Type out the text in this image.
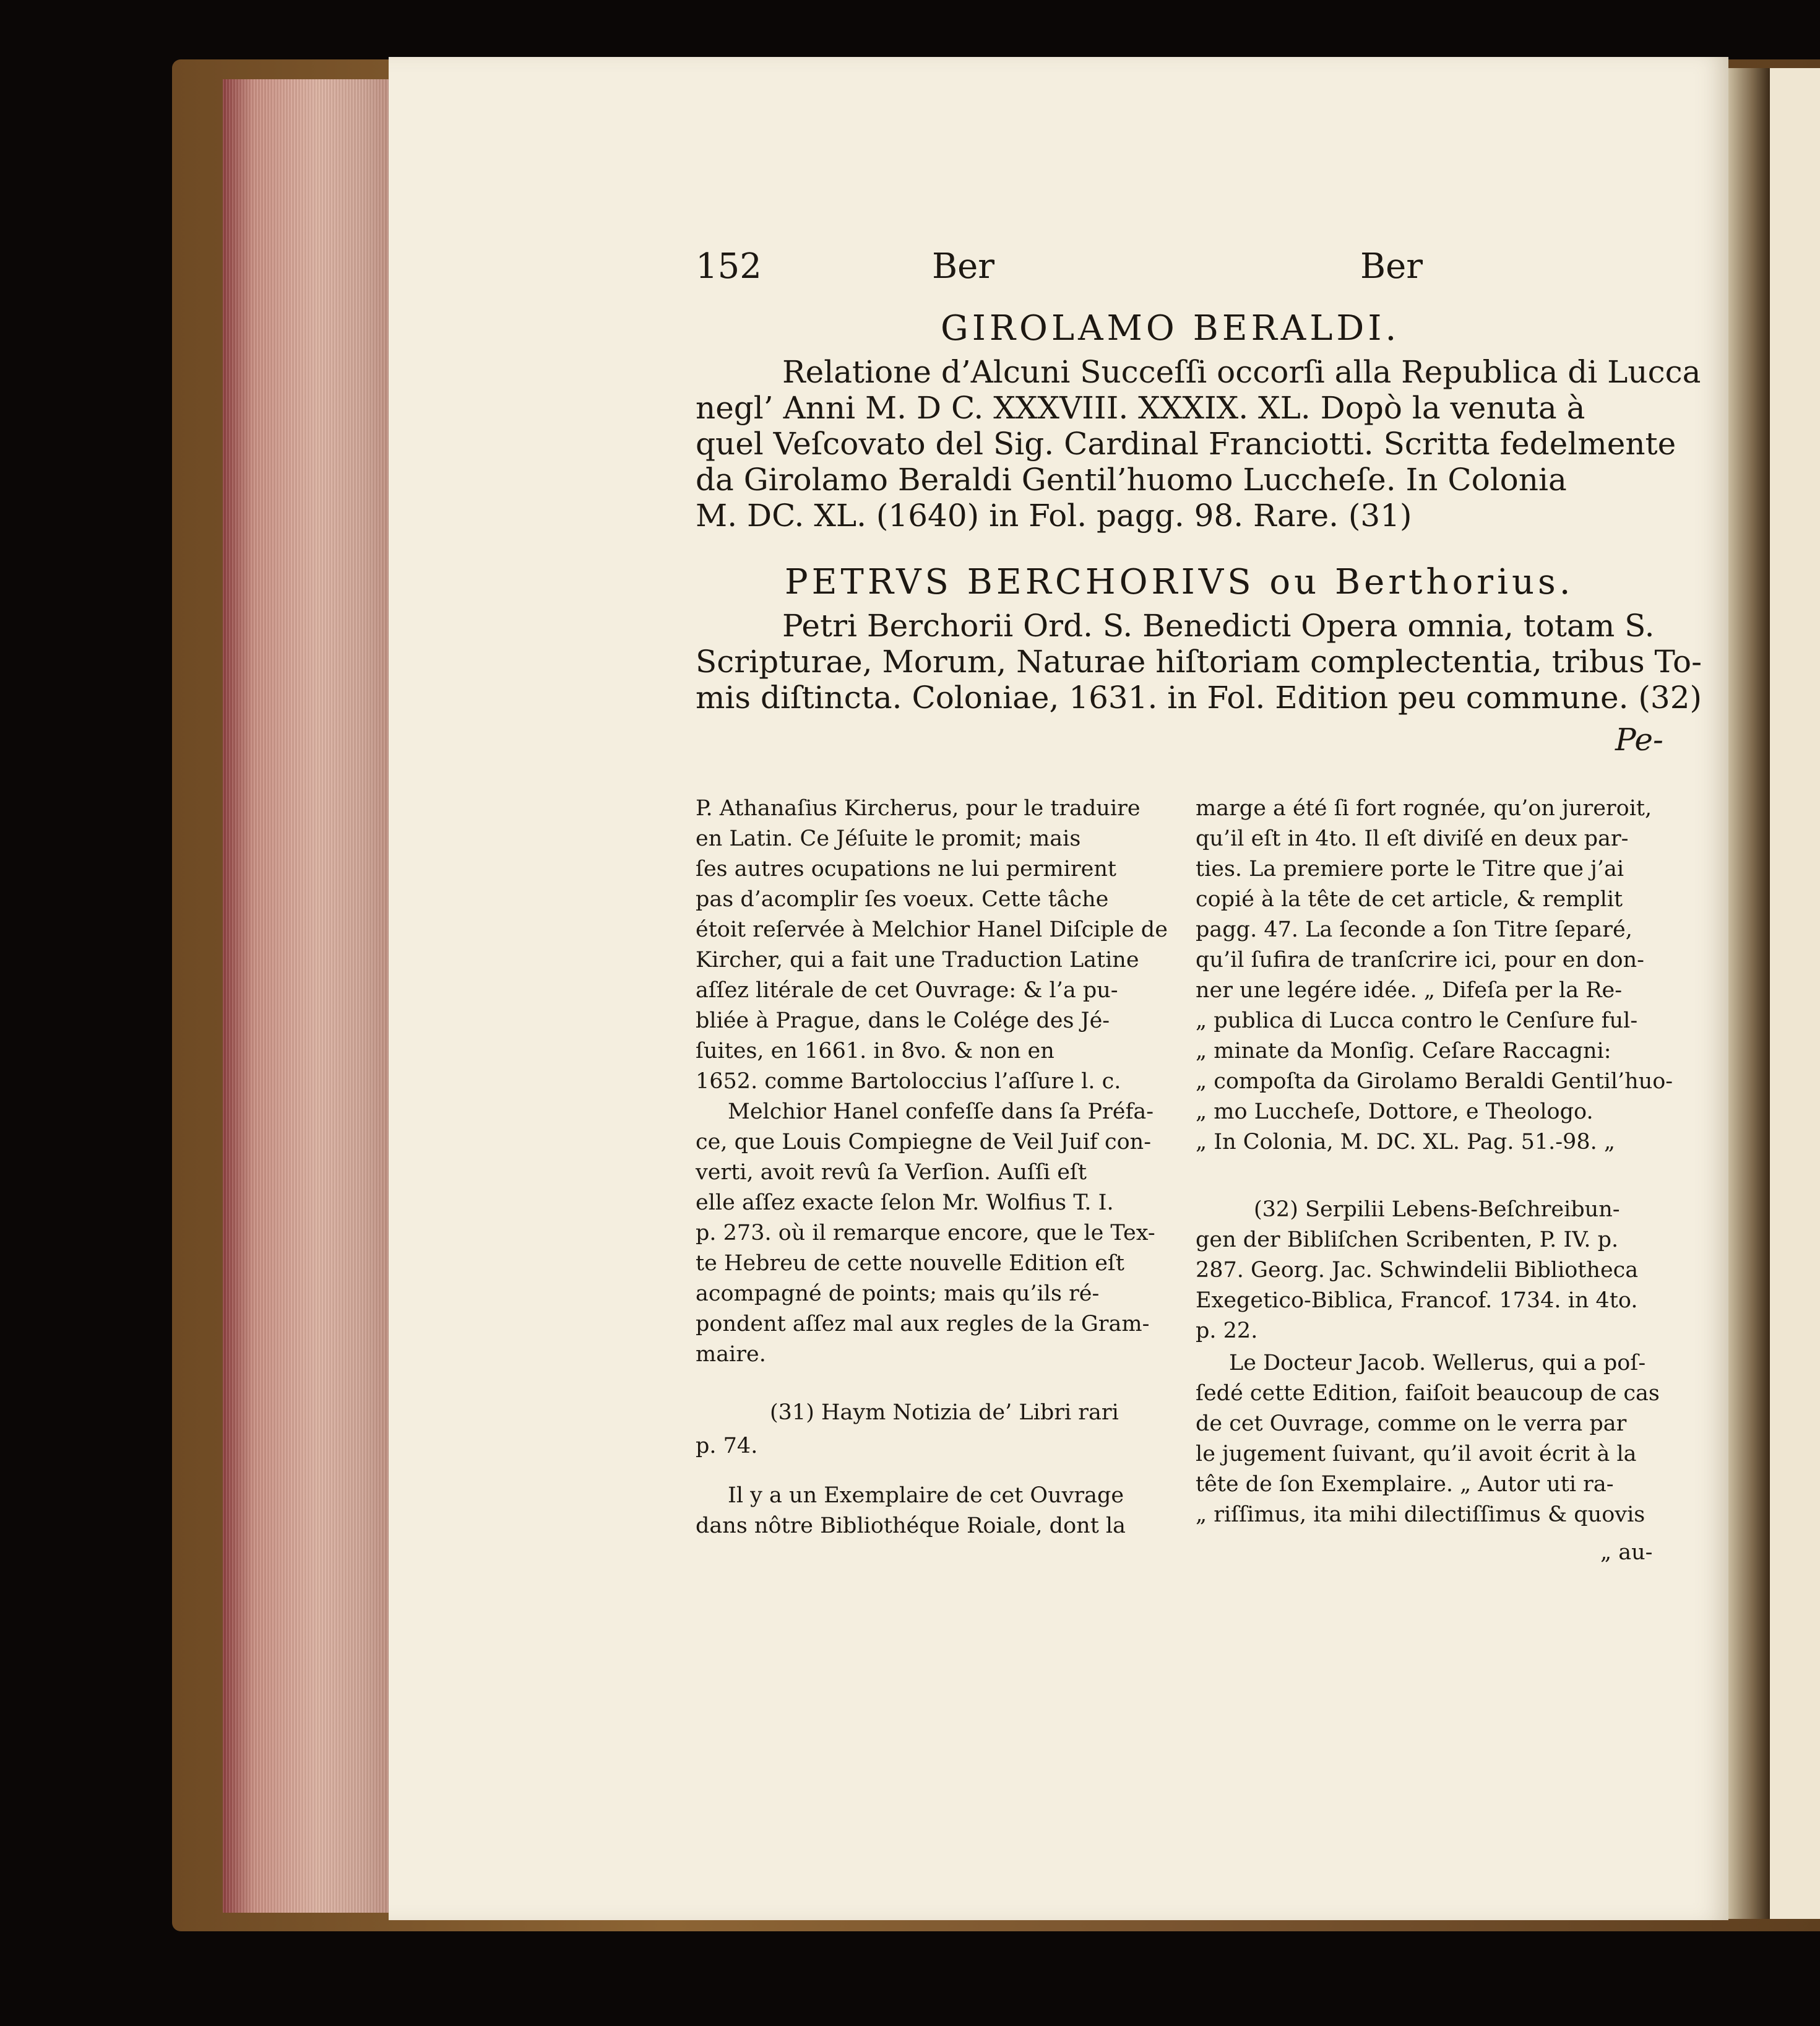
152	Ber	Ber
GIROLAMO BERALDI.
Relatione d’Alcuni Succeſſi occorſi alla Republica di Lucca
negl’ Anni M. D C. XXXVIII. XXXIX. XL. Dopò la venuta à
quel Veſcovato del Sig. Cardinal Franciotti. Scritta fedelmente
da Girolamo Beraldi Gentil’huomo Luccheſe. In Colonia
M. DC. XL. (1640) in Fol. pagg. 98. Rare. (31)
PETRVS BERCHORIVS ou Berthorius.
Petri Berchorii Ord. S. Benedicti Opera omnia, totam S.
Scripturae, Morum, Naturae hiſtoriam complectentia, tribus To-
mis diſtincta. Coloniae, 1631. in Fol. Edition peu commune. (32)
Pe-
P. Athanaſius Kircherus, pour le traduire
en Latin. Ce Jéſuite le promit; mais
ſes autres ocupations ne lui permirent
pas d’acomplir ſes voeux. Cette tâche
étoit reſervée à Melchior Hanel Diſciple de
Kircher, qui a fait une Traduction Latine
aſſez litérale de cet Ouvrage: & l’a pu-
bliée à Prague, dans le Colége des Jé-
ſuites, en 1661. in 8vo. & non en
1652. comme Bartoloccius l’aſſure l. c.
Melchior Hanel confeſſe dans ſa Préfa-
ce, que Louis Compiegne de Veil Juif con-
verti, avoit revû ſa Verſion. Auſſi eſt
elle aſſez exacte ſelon Mr. Wolfius T. I.
p. 273. où il remarque encore, que le Tex-
te Hebreu de cette nouvelle Edition eſt
acompagné de points; mais qu’ils ré-
pondent aſſez mal aux regles de la Gram-
maire.
(31) Haym Notizia de’ Libri rari
p. 74.
Il y a un Exemplaire de cet Ouvrage
dans nôtre Bibliothéque Roiale, dont la
marge a été ſi fort rognée, qu’on jureroit,
qu’il eſt in 4to. Il eſt diviſé en deux par-
ties. La premiere porte le Titre que j’ai
copié à la tête de cet article, & remplit
pagg. 47. La ſeconde a ſon Titre ſeparé,
qu’il ſufira de tranſcrire ici, pour en don-
ner une legére idée. „ Difeſa per la Re-
„ publica di Lucca contro le Cenſure ful-
„ minate da Monſig. Ceſare Raccagni:
„ compoſta da Girolamo Beraldi Gentil’huo-
„ mo Luccheſe, Dottore, e Theologo.
„ In Colonia, M. DC. XL. Pag. 51.-98. „
(32) Serpilii Lebens-Beſchreibun-
gen der Bibliſchen Scribenten, P. IV. p.
287. Georg. Jac. Schwindelii Bibliotheca
Exegetico-Biblica, Francof. 1734. in 4to.
p. 22.
Le Docteur Jacob. Wellerus, qui a poſ-
ſedé cette Edition, faiſoit beaucoup de cas
de cet Ouvrage, comme on le verra par
le jugement ſuivant, qu’il avoit écrit à la
tête de ſon Exemplaire. „ Autor uti ra-
„ riſſimus, ita mihi dilectiſſimus & quovis
„ au-
